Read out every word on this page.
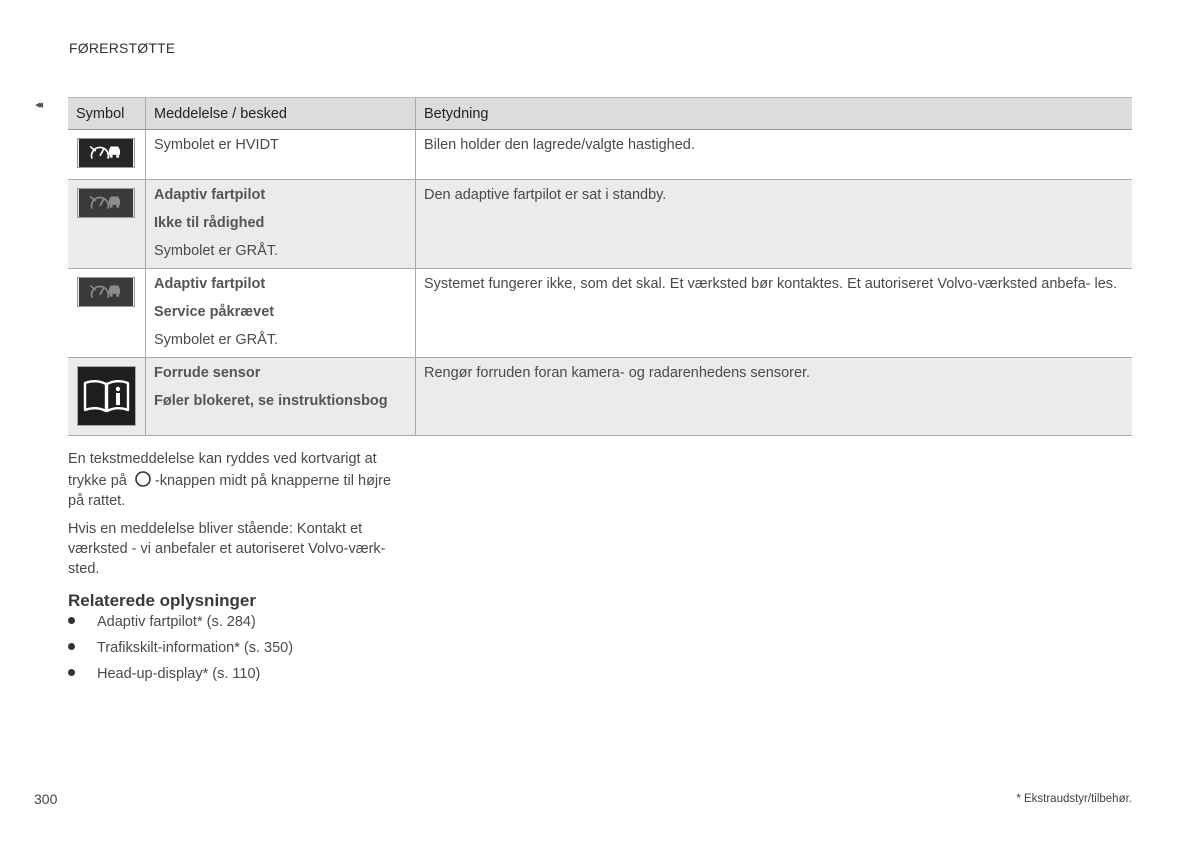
FØRERSTØTTE
◂◂
Symbol	Meddelelse / besked	Betydning

Symbolet er HVIDT	Bilen holder den lagrede/valgte hastighed.

Adaptiv fartpilot
Ikke til rådighed
Symbolet er GRÅT.	Den adaptive fartpilot er sat i standby.

Adaptiv fartpilot
Service påkrævet
Symbolet er GRÅT.	Systemet fungerer ikke, som det skal. Et værksted bør kontaktes. Et autoriseret Volvo-værksted anbefa- les.

Forrude sensor
Føler blokeret, se instruktionsbog	Rengør forruden foran kamera- og radarenhedens sensorer.

En tekstmeddelelse kan ryddes ved kortvarigt at trykke på -knappen midt på knapperne til højre på rattet.

Hvis en meddelelse bliver stående: Kontakt et værksted - vi anbefaler et autoriseret Volvo-værk- sted.

Relaterede oplysninger
Adaptiv fartpilot* (s. 284)
Trafikskilt-information* (s. 350)
Head-up-display* (s. 110)
300	* Ekstraudstyr/tilbehør.
